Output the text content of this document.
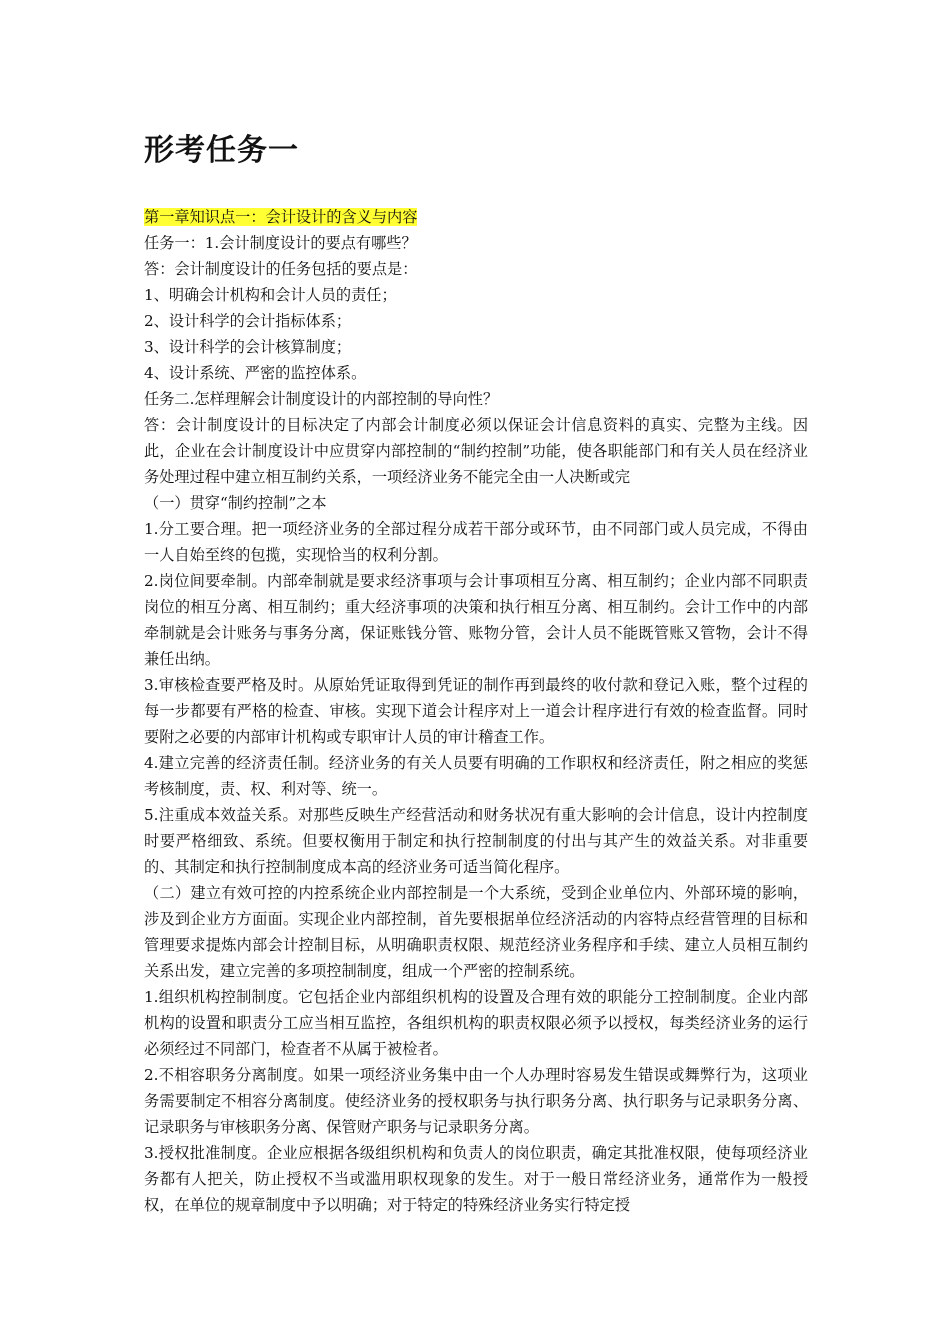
形考任务一

第一章知识点一：会计设计的含义与内容

任务一：1.会计制度设计的要点有哪些？

答：会计制度设计的任务包括的要点是：

1、明确会计机构和会计人员的责任；

2、设计科学的会计指标体系；

3、设计科学的会计核算制度；

4、设计系统、严密的监控体系。

任务二.怎样理解会计制度设计的内部控制的导向性？

答：会计制度设计的目标决定了内部会计制度必须以保证会计信息资料的真实、完整为主线。因此，企业在会计制度设计中应贯穿内部控制的“制约控制”功能，使各职能部门和有关人员在经济业务处理过程中建立相互制约关系，一项经济业务不能完全由一人决断或完

（一）贯穿“制约控制”之本

1.分工要合理。把一项经济业务的全部过程分成若干部分或环节，由不同部门或人员完成，不得由一人自始至终的包揽，实现恰当的权利分割。

2.岗位间要牵制。内部牵制就是要求经济事项与会计事项相互分离、相互制约；企业内部不同职责岗位的相互分离、相互制约；重大经济事项的决策和执行相互分离、相互制约。会计工作中的内部牵制就是会计账务与事务分离，保证账钱分管、账物分管，会计人员不能既管账又管物，会计不得兼任出纳。

3.审核检查要严格及时。从原始凭证取得到凭证的制作再到最终的收付款和登记入账，整个过程的每一步都要有严格的检查、审核。实现下道会计程序对上一道会计程序进行有效的检查监督。同时要附之必要的内部审计机构或专职审计人员的审计稽查工作。

4.建立完善的经济责任制。经济业务的有关人员要有明确的工作职权和经济责任，附之相应的奖惩考核制度，责、权、利对等、统一。

5.注重成本效益关系。对那些反映生产经营活动和财务状况有重大影响的会计信息，设计内控制度时要严格细致、系统。但要权衡用于制定和执行控制制度的付出与其产生的效益关系。对非重要的、其制定和执行控制制度成本高的经济业务可适当简化程序。

（二）建立有效可控的内控系统企业内部控制是一个大系统，受到企业单位内、外部环境的影响，涉及到企业方方面面。实现企业内部控制，首先要根据单位经济活动的内容特点经营管理的目标和管理要求提炼内部会计控制目标，从明确职责权限、规范经济业务程序和手续、建立人员相互制约关系出发，建立完善的多项控制制度，组成一个严密的控制系统。

1.组织机构控制制度。它包括企业内部组织机构的设置及合理有效的职能分工控制制度。企业内部机构的设置和职责分工应当相互监控，各组织机构的职责权限必须予以授权，每类经济业务的运行必须经过不同部门，检查者不从属于被检者。

2.不相容职务分离制度。如果一项经济业务集中由一个人办理时容易发生错误或舞弊行为，这项业务需要制定不相容分离制度。使经济业务的授权职务与执行职务分离、执行职务与记录职务分离、记录职务与审核职务分离、保管财产职务与记录职务分离。

3.授权批准制度。企业应根据各级组织机构和负责人的岗位职责，确定其批准权限，使每项经济业务都有人把关，防止授权不当或滥用职权现象的发生。对于一般日常经济业务，通常作为一般授权，在单位的规章制度中予以明确；对于特定的特殊经济业务实行特定授
